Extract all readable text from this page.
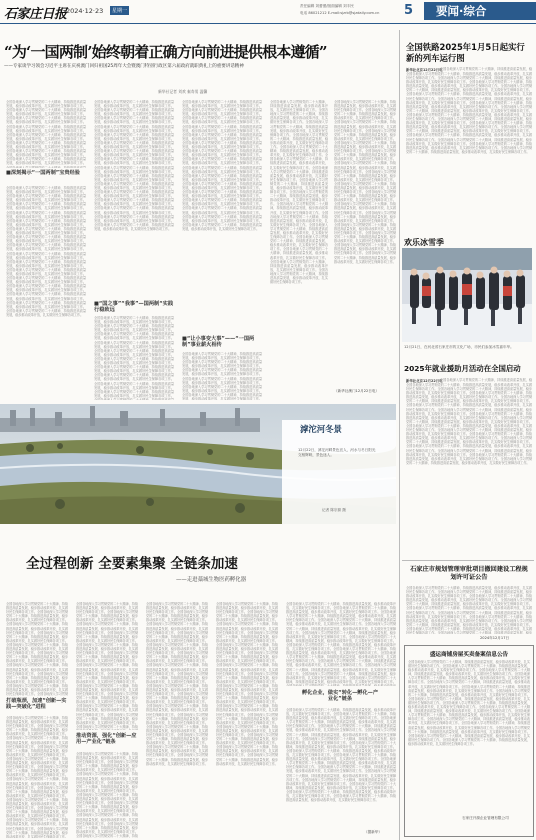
石家庄日报 2024·12·23	星期一
责任编辑 刘蕾蕾/版面编辑 刘丰民
电话 86021212 E-mail:sjzrb@sjzdaily.com.cn 5 要闻·综合
“为‘一国两制’始终朝着正确方向前进提供根本遵循”
——专家谈学习领会习近平主席在庆祝澳门回归祖国25周年大会暨澳门特别行政区第六届政府就职典礼上的重要讲话精神
新华社记者 刘欢 秦寿男 温馨
全国各地深入学习贯彻党的二十大精神，持续推进高质量发展，稳步推动改革开放，扎实做好民生保障各项工作。全国各地深入学习贯彻党的二十大精神，持续推进高质量发展，稳步推动改革开放，扎实做好民生保障各项工作。全国各地深入学习贯彻党的二十大精神，持续推进高质量发展，稳步推动改革开放，扎实做好民生保障各项工作。全国各地深入学习贯彻党的二十大精神，持续推进高质量发展，稳步推动改革开放，扎实做好民生保障各项工作。全国各地深入学习贯彻党的二十大精神，持续推进高质量发展，稳步推动改革开放，扎实做好民生保障各项工作。全国各地深入学习贯彻党的二十大精神，持续推进高质量发展，稳步推动改革开放，扎实做好民生保障各项工作。全国各地深入学习贯彻党的二十大精神，持续推进高质量发展，稳步推动改革开放，扎实做好民生保障各项工作。全国各地深入学习贯彻党的二十大精神，持续推进高质量发展，稳步推动改革开放，扎实做好民生保障各项工作。全国各地深入学习贯彻党的二十大精神，持续推进高质量发展，稳步推动改革开放，扎实做好民生保障各项工作。全国各地深入学习贯彻党的二十大精神，持续推进高质量发展，稳步推动改革开放，扎实做好民生保障各项工作。全国各地深入学习贯彻党的二十大精神，持续推进高质量发展，稳步推动改革开放，扎实做好民生保障各项工作。全国各地深入学习贯彻党的二十大精神，持续推进高质量发展，稳步推动改革开放，扎实做好民生保障各项工作。全国各地深入学习贯彻党的二十大精神，持续推进高质量发展，稳步推动改革开放，扎实做好民生保障各项工作。全国各地深入学习贯彻党的二十大精神，持续推进高质量发展，稳步推动改革开放，扎实做好民生保障各项工作。全国各地深入学习贯彻党的二十大精神，持续推进高质量发展，稳步推动改革开放，扎实做好民生保障各项工作。全国各地深入学习贯彻党的二十大精神，持续推进高质量发展，稳步推动改革开放，扎实做好民生保障各项工作。
■深刻揭示“一国两制”宝贵经验
全国各地深入学习贯彻党的二十大精神，持续推进高质量发展，稳步推动改革开放，扎实做好民生保障各项工作。全国各地深入学习贯彻党的二十大精神，持续推进高质量发展，稳步推动改革开放，扎实做好民生保障各项工作。全国各地深入学习贯彻党的二十大精神，持续推进高质量发展，稳步推动改革开放，扎实做好民生保障各项工作。全国各地深入学习贯彻党的二十大精神，持续推进高质量发展，稳步推动改革开放，扎实做好民生保障各项工作。全国各地深入学习贯彻党的二十大精神，持续推进高质量发展，稳步推动改革开放，扎实做好民生保障各项工作。全国各地深入学习贯彻党的二十大精神，持续推进高质量发展，稳步推动改革开放，扎实做好民生保障各项工作。全国各地深入学习贯彻党的二十大精神，持续推进高质量发展，稳步推动改革开放，扎实做好民生保障各项工作。全国各地深入学习贯彻党的二十大精神，持续推进高质量发展，稳步推动改革开放，扎实做好民生保障各项工作。全国各地深入学习贯彻党的二十大精神，持续推进高质量发展，稳步推动改革开放，扎实做好民生保障各项工作。全国各地深入学习贯彻党的二十大精神，持续推进高质量发展，稳步推动改革开放，扎实做好民生保障各项工作。全国各地深入学习贯彻党的二十大精神，持续推进高质量发展，稳步推动改革开放，扎实做好民生保障各项工作。全国各地深入学习贯彻党的二十大精神，持续推进高质量发展，稳步推动改革开放，扎实做好民生保障各项工作。全国各地深入学习贯彻党的二十大精神，持续推进高质量发展，稳步推动改革开放，扎实做好民生保障各项工作。全国各地深入学习贯彻党的二十大精神，持续推进高质量发展，稳步推动改革开放，扎实做好民生保障各项工作。全国各地深入学习贯彻党的二十大精神，持续推进高质量发展，稳步推动改革开放，扎实做好民生保障各项工作。全国各地深入学习贯彻党的二十大精神，持续推进高质量发展，稳步推动改革开放，扎实做好民生保障各项工作。
全国各地深入学习贯彻党的二十大精神，持续推进高质量发展，稳步推动改革开放，扎实做好民生保障各项工作。全国各地深入学习贯彻党的二十大精神，持续推进高质量发展，稳步推动改革开放，扎实做好民生保障各项工作。全国各地深入学习贯彻党的二十大精神，持续推进高质量发展，稳步推动改革开放，扎实做好民生保障各项工作。全国各地深入学习贯彻党的二十大精神，持续推进高质量发展，稳步推动改革开放，扎实做好民生保障各项工作。全国各地深入学习贯彻党的二十大精神，持续推进高质量发展，稳步推动改革开放，扎实做好民生保障各项工作。全国各地深入学习贯彻党的二十大精神，持续推进高质量发展，稳步推动改革开放，扎实做好民生保障各项工作。全国各地深入学习贯彻党的二十大精神，持续推进高质量发展，稳步推动改革开放，扎实做好民生保障各项工作。全国各地深入学习贯彻党的二十大精神，持续推进高质量发展，稳步推动改革开放，扎实做好民生保障各项工作。全国各地深入学习贯彻党的二十大精神，持续推进高质量发展，稳步推动改革开放，扎实做好民生保障各项工作。全国各地深入学习贯彻党的二十大精神，持续推进高质量发展，稳步推动改革开放，扎实做好民生保障各项工作。全国各地深入学习贯彻党的二十大精神，持续推进高质量发展，稳步推动改革开放，扎实做好民生保障各项工作。全国各地深入学习贯彻党的二十大精神，持续推进高质量发展，稳步推动改革开放，扎实做好民生保障各项工作。全国各地深入学习贯彻党的二十大精神，持续推进高质量发展，稳步推动改革开放，扎实做好民生保障各项工作。全国各地深入学习贯彻党的二十大精神，持续推进高质量发展，稳步推动改革开放，扎实做好民生保障各项工作。全国各地深入学习贯彻党的二十大精神，持续推进高质量发展，稳步推动改革开放，扎实做好民生保障各项工作。全国各地深入学习贯彻党的二十大精神，持续推进高质量发展，稳步推动改革开放，扎实做好民生保障各项工作。
■“国之事”“我事”—国两制“实践行稳致远
全国各地深入学习贯彻党的二十大精神，持续推进高质量发展，稳步推动改革开放，扎实做好民生保障各项工作。全国各地深入学习贯彻党的二十大精神，持续推进高质量发展，稳步推动改革开放，扎实做好民生保障各项工作。全国各地深入学习贯彻党的二十大精神，持续推进高质量发展，稳步推动改革开放，扎实做好民生保障各项工作。全国各地深入学习贯彻党的二十大精神，持续推进高质量发展，稳步推动改革开放，扎实做好民生保障各项工作。全国各地深入学习贯彻党的二十大精神，持续推进高质量发展，稳步推动改革开放，扎实做好民生保障各项工作。全国各地深入学习贯彻党的二十大精神，持续推进高质量发展，稳步推动改革开放，扎实做好民生保障各项工作。全国各地深入学习贯彻党的二十大精神，持续推进高质量发展，稳步推动改革开放，扎实做好民生保障各项工作。全国各地深入学习贯彻党的二十大精神，持续推进高质量发展，稳步推动改革开放，扎实做好民生保障各项工作。全国各地深入学习贯彻党的二十大精神，持续推进高质量发展，稳步推动改革开放，扎实做好民生保障各项工作。全国各地深入学习贯彻党的二十大精神，持续推进高质量发展，稳步推动改革开放，扎实做好民生保障各项工作。全国各地深入学习贯彻党的二十大精神，持续推进高质量发展，稳步推动改革开放，扎实做好民生保障各项工作。全国各地深入学习贯彻党的二十大精神，持续推进高质量发展，稳步推动改革开放，扎实做好民生保障各项工作。全国各地深入学习贯彻党的二十大精神，持续推进高质量发展，稳步推动改革开放，扎实做好民生保障各项工作。全国各地深入学习贯彻党的二十大精神，持续推进高质量发展，稳步推动改革开放，扎实做好民生保障各项工作。全国各地深入学习贯彻党的二十大精神，持续推进高质量发展，稳步推动改革开放，扎实做好民生保障各项工作。全国各地深入学习贯彻党的二十大精神，持续推进高质量发展，稳步推动改革开放，扎实做好民生保障各项工作。
全国各地深入学习贯彻党的二十大精神，持续推进高质量发展，稳步推动改革开放，扎实做好民生保障各项工作。全国各地深入学习贯彻党的二十大精神，持续推进高质量发展，稳步推动改革开放，扎实做好民生保障各项工作。全国各地深入学习贯彻党的二十大精神，持续推进高质量发展，稳步推动改革开放，扎实做好民生保障各项工作。全国各地深入学习贯彻党的二十大精神，持续推进高质量发展，稳步推动改革开放，扎实做好民生保障各项工作。全国各地深入学习贯彻党的二十大精神，持续推进高质量发展，稳步推动改革开放，扎实做好民生保障各项工作。全国各地深入学习贯彻党的二十大精神，持续推进高质量发展，稳步推动改革开放，扎实做好民生保障各项工作。全国各地深入学习贯彻党的二十大精神，持续推进高质量发展，稳步推动改革开放，扎实做好民生保障各项工作。全国各地深入学习贯彻党的二十大精神，持续推进高质量发展，稳步推动改革开放，扎实做好民生保障各项工作。全国各地深入学习贯彻党的二十大精神，持续推进高质量发展，稳步推动改革开放，扎实做好民生保障各项工作。全国各地深入学习贯彻党的二十大精神，持续推进高质量发展，稳步推动改革开放，扎实做好民生保障各项工作。全国各地深入学习贯彻党的二十大精神，持续推进高质量发展，稳步推动改革开放，扎实做好民生保障各项工作。全国各地深入学习贯彻党的二十大精神，持续推进高质量发展，稳步推动改革开放，扎实做好民生保障各项工作。全国各地深入学习贯彻党的二十大精神，持续推进高质量发展，稳步推动改革开放，扎实做好民生保障各项工作。全国各地深入学习贯彻党的二十大精神，持续推进高质量发展，稳步推动改革开放，扎实做好民生保障各项工作。全国各地深入学习贯彻党的二十大精神，持续推进高质量发展，稳步推动改革开放，扎实做好民生保障各项工作。全国各地深入学习贯彻党的二十大精神，持续推进高质量发展，稳步推动改革开放，扎实做好民生保障各项工作。
■“让小事变大事”——“一国两制”事业薪火相传
全国各地深入学习贯彻党的二十大精神，持续推进高质量发展，稳步推动改革开放，扎实做好民生保障各项工作。全国各地深入学习贯彻党的二十大精神，持续推进高质量发展，稳步推动改革开放，扎实做好民生保障各项工作。全国各地深入学习贯彻党的二十大精神，持续推进高质量发展，稳步推动改革开放，扎实做好民生保障各项工作。全国各地深入学习贯彻党的二十大精神，持续推进高质量发展，稳步推动改革开放，扎实做好民生保障各项工作。全国各地深入学习贯彻党的二十大精神，持续推进高质量发展，稳步推动改革开放，扎实做好民生保障各项工作。全国各地深入学习贯彻党的二十大精神，持续推进高质量发展，稳步推动改革开放，扎实做好民生保障各项工作。全国各地深入学习贯彻党的二十大精神，持续推进高质量发展，稳步推动改革开放，扎实做好民生保障各项工作。全国各地深入学习贯彻党的二十大精神，持续推进高质量发展，稳步推动改革开放，扎实做好民生保障各项工作。全国各地深入学习贯彻党的二十大精神，持续推进高质量发展，稳步推动改革开放，扎实做好民生保障各项工作。全国各地深入学习贯彻党的二十大精神，持续推进高质量发展，稳步推动改革开放，扎实做好民生保障各项工作。全国各地深入学习贯彻党的二十大精神，持续推进高质量发展，稳步推动改革开放，扎实做好民生保障各项工作。全国各地深入学习贯彻党的二十大精神，持续推进高质量发展，稳步推动改革开放，扎实做好民生保障各项工作。全国各地深入学习贯彻党的二十大精神，持续推进高质量发展，稳步推动改革开放，扎实做好民生保障各项工作。全国各地深入学习贯彻党的二十大精神，持续推进高质量发展，稳步推动改革开放，扎实做好民生保障各项工作。全国各地深入学习贯彻党的二十大精神，持续推进高质量发展，稳步推动改革开放，扎实做好民生保障各项工作。全国各地深入学习贯彻党的二十大精神，持续推进高质量发展，稳步推动改革开放，扎实做好民生保障各项工作。
全国各地深入学习贯彻党的二十大精神，持续推进高质量发展，稳步推动改革开放，扎实做好民生保障各项工作。全国各地深入学习贯彻党的二十大精神，持续推进高质量发展，稳步推动改革开放，扎实做好民生保障各项工作。全国各地深入学习贯彻党的二十大精神，持续推进高质量发展，稳步推动改革开放，扎实做好民生保障各项工作。全国各地深入学习贯彻党的二十大精神，持续推进高质量发展，稳步推动改革开放，扎实做好民生保障各项工作。全国各地深入学习贯彻党的二十大精神，持续推进高质量发展，稳步推动改革开放，扎实做好民生保障各项工作。全国各地深入学习贯彻党的二十大精神，持续推进高质量发展，稳步推动改革开放，扎实做好民生保障各项工作。全国各地深入学习贯彻党的二十大精神，持续推进高质量发展，稳步推动改革开放，扎实做好民生保障各项工作。全国各地深入学习贯彻党的二十大精神，持续推进高质量发展，稳步推动改革开放，扎实做好民生保障各项工作。全国各地深入学习贯彻党的二十大精神，持续推进高质量发展，稳步推动改革开放，扎实做好民生保障各项工作。全国各地深入学习贯彻党的二十大精神，持续推进高质量发展，稳步推动改革开放，扎实做好民生保障各项工作。全国各地深入学习贯彻党的二十大精神，持续推进高质量发展，稳步推动改革开放，扎实做好民生保障各项工作。全国各地深入学习贯彻党的二十大精神，持续推进高质量发展，稳步推动改革开放，扎实做好民生保障各项工作。全国各地深入学习贯彻党的二十大精神，持续推进高质量发展，稳步推动改革开放，扎实做好民生保障各项工作。全国各地深入学习贯彻党的二十大精神，持续推进高质量发展，稳步推动改革开放，扎实做好民生保障各项工作。全国各地深入学习贯彻党的二十大精神，持续推进高质量发展，稳步推动改革开放，扎实做好民生保障各项工作。全国各地深入学习贯彻党的二十大精神，持续推进高质量发展，稳步推动改革开放，扎实做好民生保障各项工作。
全国各地深入学习贯彻党的二十大精神，持续推进高质量发展，稳步推动改革开放，扎实做好民生保障各项工作。全国各地深入学习贯彻党的二十大精神，持续推进高质量发展，稳步推动改革开放，扎实做好民生保障各项工作。全国各地深入学习贯彻党的二十大精神，持续推进高质量发展，稳步推动改革开放，扎实做好民生保障各项工作。全国各地深入学习贯彻党的二十大精神，持续推进高质量发展，稳步推动改革开放，扎实做好民生保障各项工作。全国各地深入学习贯彻党的二十大精神，持续推进高质量发展，稳步推动改革开放，扎实做好民生保障各项工作。全国各地深入学习贯彻党的二十大精神，持续推进高质量发展，稳步推动改革开放，扎实做好民生保障各项工作。全国各地深入学习贯彻党的二十大精神，持续推进高质量发展，稳步推动改革开放，扎实做好民生保障各项工作。全国各地深入学习贯彻党的二十大精神，持续推进高质量发展，稳步推动改革开放，扎实做好民生保障各项工作。全国各地深入学习贯彻党的二十大精神，持续推进高质量发展，稳步推动改革开放，扎实做好民生保障各项工作。全国各地深入学习贯彻党的二十大精神，持续推进高质量发展，稳步推动改革开放，扎实做好民生保障各项工作。全国各地深入学习贯彻党的二十大精神，持续推进高质量发展，稳步推动改革开放，扎实做好民生保障各项工作。全国各地深入学习贯彻党的二十大精神，持续推进高质量发展，稳步推动改革开放，扎实做好民生保障各项工作。全国各地深入学习贯彻党的二十大精神，持续推进高质量发展，稳步推动改革开放，扎实做好民生保障各项工作。全国各地深入学习贯彻党的二十大精神，持续推进高质量发展，稳步推动改革开放，扎实做好民生保障各项工作。全国各地深入学习贯彻党的二十大精神，持续推进高质量发展，稳步推动改革开放，扎实做好民生保障各项工作。全国各地深入学习贯彻党的二十大精神，持续推进高质量发展，稳步推动改革开放，扎实做好民生保障各项工作。
（新华社澳门12月22日电）
全国铁路2025年1月5日起实行新的列车运行图
新华社北京12月22日电
全国各地深入学习贯彻党的二十大精神，持续推进高质量发展，稳步推动改革开放，扎实做好民生保障各项工作。全国各地深入学习贯彻党的二十大精神，持续推进高质量发展，稳步推动改革开放，扎实做好民生保障各项工作。全国各地深入学习贯彻党的二十大精神，持续推进高质量发展，稳步推动改革开放，扎实做好民生保障各项工作。全国各地深入学习贯彻党的二十大精神，持续推进高质量发展，稳步推动改革开放，扎实做好民生保障各项工作。全国各地深入学习贯彻党的二十大精神，持续推进高质量发展，稳步推动改革开放，扎实做好民生保障各项工作。全国各地深入学习贯彻党的二十大精神，持续推进高质量发展，稳步推动改革开放，扎实做好民生保障各项工作。全国各地深入学习贯彻党的二十大精神，持续推进高质量发展，稳步推动改革开放，扎实做好民生保障各项工作。全国各地深入学习贯彻党的二十大精神，持续推进高质量发展，稳步推动改革开放，扎实做好民生保障各项工作。全国各地深入学习贯彻党的二十大精神，持续推进高质量发展，稳步推动改革开放，扎实做好民生保障各项工作。全国各地深入学习贯彻党的二十大精神，持续推进高质量发展，稳步推动改革开放，扎实做好民生保障各项工作。全国各地深入学习贯彻党的二十大精神，持续推进高质量发展，稳步推动改革开放，扎实做好民生保障各项工作。全国各地深入学习贯彻党的二十大精神，持续推进高质量发展，稳步推动改革开放，扎实做好民生保障各项工作。全国各地深入学习贯彻党的二十大精神，持续推进高质量发展，稳步推动改革开放，扎实做好民生保障各项工作。全国各地深入学习贯彻党的二十大精神，持续推进高质量发展，稳步推动改革开放，扎实做好民生保障各项工作。全国各地深入学习贯彻党的二十大精神，持续推进高质量发展，稳步推动改革开放，扎实做好民生保障各项工作。全国各地深入学习贯彻党的二十大精神，持续推进高质量发展，稳步推动改革开放，扎实做好民生保障各项工作。
全国各地深入学习贯彻党的二十大精神，持续推进高质量发展，稳步推动改革开放，扎实做好民生保障各项工作。全国各地深入学习贯彻党的二十大精神，持续推进高质量发展，稳步推动改革开放，扎实做好民生保障各项工作。全国各地深入学习贯彻党的二十大精神，持续推进高质量发展，稳步推动改革开放，扎实做好民生保障各项工作。全国各地深入学习贯彻党的二十大精神，持续推进高质量发展，稳步推动改革开放，扎实做好民生保障各项工作。全国各地深入学习贯彻党的二十大精神，持续推进高质量发展，稳步推动改革开放，扎实做好民生保障各项工作。全国各地深入学习贯彻党的二十大精神，持续推进高质量发展，稳步推动改革开放，扎实做好民生保障各项工作。全国各地深入学习贯彻党的二十大精神，持续推进高质量发展，稳步推动改革开放，扎实做好民生保障各项工作。全国各地深入学习贯彻党的二十大精神，持续推进高质量发展，稳步推动改革开放，扎实做好民生保障各项工作。全国各地深入学习贯彻党的二十大精神，持续推进高质量发展，稳步推动改革开放，扎实做好民生保障各项工作。全国各地深入学习贯彻党的二十大精神，持续推进高质量发展，稳步推动改革开放，扎实做好民生保障各项工作。全国各地深入学习贯彻党的二十大精神，持续推进高质量发展，稳步推动改革开放，扎实做好民生保障各项工作。全国各地深入学习贯彻党的二十大精神，持续推进高质量发展，稳步推动改革开放，扎实做好民生保障各项工作。全国各地深入学习贯彻党的二十大精神，持续推进高质量发展，稳步推动改革开放，扎实做好民生保障各项工作。全国各地深入学习贯彻党的二十大精神，持续推进高质量发展，稳步推动改革开放，扎实做好民生保障各项工作。全国各地深入学习贯彻党的二十大精神，持续推进高质量发展，稳步推动改革开放，扎实做好民生保障各项工作。全国各地深入学习贯彻党的二十大精神，持续推进高质量发展，稳步推动改革开放，扎实做好民生保障各项工作。
欢乐冰雪季
12月21日，在河北省石家庄市的文化广场，市民们参加冰雪嘉年华。
2025年就业援助月活动在全国启动
新华社北京12月22日电
全国各地深入学习贯彻党的二十大精神，持续推进高质量发展，稳步推动改革开放，扎实做好民生保障各项工作。全国各地深入学习贯彻党的二十大精神，持续推进高质量发展，稳步推动改革开放，扎实做好民生保障各项工作。全国各地深入学习贯彻党的二十大精神，持续推进高质量发展，稳步推动改革开放，扎实做好民生保障各项工作。全国各地深入学习贯彻党的二十大精神，持续推进高质量发展，稳步推动改革开放，扎实做好民生保障各项工作。全国各地深入学习贯彻党的二十大精神，持续推进高质量发展，稳步推动改革开放，扎实做好民生保障各项工作。全国各地深入学习贯彻党的二十大精神，持续推进高质量发展，稳步推动改革开放，扎实做好民生保障各项工作。全国各地深入学习贯彻党的二十大精神，持续推进高质量发展，稳步推动改革开放，扎实做好民生保障各项工作。全国各地深入学习贯彻党的二十大精神，持续推进高质量发展，稳步推动改革开放，扎实做好民生保障各项工作。全国各地深入学习贯彻党的二十大精神，持续推进高质量发展，稳步推动改革开放，扎实做好民生保障各项工作。全国各地深入学习贯彻党的二十大精神，持续推进高质量发展，稳步推动改革开放，扎实做好民生保障各项工作。全国各地深入学习贯彻党的二十大精神，持续推进高质量发展，稳步推动改革开放，扎实做好民生保障各项工作。全国各地深入学习贯彻党的二十大精神，持续推进高质量发展，稳步推动改革开放，扎实做好民生保障各项工作。全国各地深入学习贯彻党的二十大精神，持续推进高质量发展，稳步推动改革开放，扎实做好民生保障各项工作。全国各地深入学习贯彻党的二十大精神，持续推进高质量发展，稳步推动改革开放，扎实做好民生保障各项工作。全国各地深入学习贯彻党的二十大精神，持续推进高质量发展，稳步推动改革开放，扎实做好民生保障各项工作。全国各地深入学习贯彻党的二十大精神，持续推进高质量发展，稳步推动改革开放，扎实做好民生保障各项工作。
全国各地深入学习贯彻党的二十大精神，持续推进高质量发展，稳步推动改革开放，扎实做好民生保障各项工作。全国各地深入学习贯彻党的二十大精神，持续推进高质量发展，稳步推动改革开放，扎实做好民生保障各项工作。全国各地深入学习贯彻党的二十大精神，持续推进高质量发展，稳步推动改革开放，扎实做好民生保障各项工作。全国各地深入学习贯彻党的二十大精神，持续推进高质量发展，稳步推动改革开放，扎实做好民生保障各项工作。全国各地深入学习贯彻党的二十大精神，持续推进高质量发展，稳步推动改革开放，扎实做好民生保障各项工作。全国各地深入学习贯彻党的二十大精神，持续推进高质量发展，稳步推动改革开放，扎实做好民生保障各项工作。全国各地深入学习贯彻党的二十大精神，持续推进高质量发展，稳步推动改革开放，扎实做好民生保障各项工作。全国各地深入学习贯彻党的二十大精神，持续推进高质量发展，稳步推动改革开放，扎实做好民生保障各项工作。全国各地深入学习贯彻党的二十大精神，持续推进高质量发展，稳步推动改革开放，扎实做好民生保障各项工作。全国各地深入学习贯彻党的二十大精神，持续推进高质量发展，稳步推动改革开放，扎实做好民生保障各项工作。全国各地深入学习贯彻党的二十大精神，持续推进高质量发展，稳步推动改革开放，扎实做好民生保障各项工作。全国各地深入学习贯彻党的二十大精神，持续推进高质量发展，稳步推动改革开放，扎实做好民生保障各项工作。全国各地深入学习贯彻党的二十大精神，持续推进高质量发展，稳步推动改革开放，扎实做好民生保障各项工作。全国各地深入学习贯彻党的二十大精神，持续推进高质量发展，稳步推动改革开放，扎实做好民生保障各项工作。全国各地深入学习贯彻党的二十大精神，持续推进高质量发展，稳步推动改革开放，扎实做好民生保障各项工作。全国各地深入学习贯彻党的二十大精神，持续推进高质量发展，稳步推动改革开放，扎实做好民生保障各项工作。
石家庄市规划管理审批项目撤回建设工程规划许可证公告
全国各地深入学习贯彻党的二十大精神，持续推进高质量发展，稳步推动改革开放，扎实做好民生保障各项工作。全国各地深入学习贯彻党的二十大精神，持续推进高质量发展，稳步推动改革开放，扎实做好民生保障各项工作。全国各地深入学习贯彻党的二十大精神，持续推进高质量发展，稳步推动改革开放，扎实做好民生保障各项工作。全国各地深入学习贯彻党的二十大精神，持续推进高质量发展，稳步推动改革开放，扎实做好民生保障各项工作。全国各地深入学习贯彻党的二十大精神，持续推进高质量发展，稳步推动改革开放，扎实做好民生保障各项工作。全国各地深入学习贯彻党的二十大精神，持续推进高质量发展，稳步推动改革开放，扎实做好民生保障各项工作。全国各地深入学习贯彻党的二十大精神，持续推进高质量发展，稳步推动改革开放，扎实做好民生保障各项工作。全国各地深入学习贯彻党的二十大精神，持续推进高质量发展，稳步推动改革开放，扎实做好民生保障各项工作。全国各地深入学习贯彻党的二十大精神，持续推进高质量发展，稳步推动改革开放，扎实做好民生保障各项工作。全国各地深入学习贯彻党的二十大精神，持续推进高质量发展，稳步推动改革开放，扎实做好民生保障各项工作。全国各地深入学习贯彻党的二十大精神，持续推进高质量发展，稳步推动改革开放，扎实做好民生保障各项工作。全国各地深入学习贯彻党的二十大精神，持续推进高质量发展，稳步推动改革开放，扎实做好民生保障各项工作。全国各地深入学习贯彻党的二十大精神，持续推进高质量发展，稳步推动改革开放，扎实做好民生保障各项工作。全国各地深入学习贯彻党的二十大精神，持续推进高质量发展，稳步推动改革开放，扎实做好民生保障各项工作。全国各地深入学习贯彻党的二十大精神，持续推进高质量发展，稳步推动改革开放，扎实做好民生保障各项工作。全国各地深入学习贯彻党的二十大精神，持续推进高质量发展，稳步推动改革开放，扎实做好民生保障各项工作。
2024年12月17日
盛运商铺房屋买卖备案信息公告
全国各地深入学习贯彻党的二十大精神，持续推进高质量发展，稳步推动改革开放，扎实做好民生保障各项工作。全国各地深入学习贯彻党的二十大精神，持续推进高质量发展，稳步推动改革开放，扎实做好民生保障各项工作。全国各地深入学习贯彻党的二十大精神，持续推进高质量发展，稳步推动改革开放，扎实做好民生保障各项工作。全国各地深入学习贯彻党的二十大精神，持续推进高质量发展，稳步推动改革开放，扎实做好民生保障各项工作。全国各地深入学习贯彻党的二十大精神，持续推进高质量发展，稳步推动改革开放，扎实做好民生保障各项工作。全国各地深入学习贯彻党的二十大精神，持续推进高质量发展，稳步推动改革开放，扎实做好民生保障各项工作。全国各地深入学习贯彻党的二十大精神，持续推进高质量发展，稳步推动改革开放，扎实做好民生保障各项工作。全国各地深入学习贯彻党的二十大精神，持续推进高质量发展，稳步推动改革开放，扎实做好民生保障各项工作。全国各地深入学习贯彻党的二十大精神，持续推进高质量发展，稳步推动改革开放，扎实做好民生保障各项工作。全国各地深入学习贯彻党的二十大精神，持续推进高质量发展，稳步推动改革开放，扎实做好民生保障各项工作。全国各地深入学习贯彻党的二十大精神，持续推进高质量发展，稳步推动改革开放，扎实做好民生保障各项工作。全国各地深入学习贯彻党的二十大精神，持续推进高质量发展，稳步推动改革开放，扎实做好民生保障各项工作。全国各地深入学习贯彻党的二十大精神，持续推进高质量发展，稳步推动改革开放，扎实做好民生保障各项工作。全国各地深入学习贯彻党的二十大精神，持续推进高质量发展，稳步推动改革开放，扎实做好民生保障各项工作。全国各地深入学习贯彻党的二十大精神，持续推进高质量发展，稳步推动改革开放，扎实做好民生保障各项工作。全国各地深入学习贯彻党的二十大精神，持续推进高质量发展，稳步推动改革开放，扎实做好民生保障各项工作。
石家庄开源企业管理有限公司
滹沱河冬景
12月22日，滹沱河畔景色宜人，河水与冬日阳光交相辉映，景色迷人。
记者 陈宗源 摄
全过程创新 全要素集聚 全链条加速
——走进藁城生物医药孵化器
全国各地深入学习贯彻党的二十大精神，持续推进高质量发展，稳步推动改革开放，扎实做好民生保障各项工作。全国各地深入学习贯彻党的二十大精神，持续推进高质量发展，稳步推动改革开放，扎实做好民生保障各项工作。全国各地深入学习贯彻党的二十大精神，持续推进高质量发展，稳步推动改革开放，扎实做好民生保障各项工作。全国各地深入学习贯彻党的二十大精神，持续推进高质量发展，稳步推动改革开放，扎实做好民生保障各项工作。全国各地深入学习贯彻党的二十大精神，持续推进高质量发展，稳步推动改革开放，扎实做好民生保障各项工作。全国各地深入学习贯彻党的二十大精神，持续推进高质量发展，稳步推动改革开放，扎实做好民生保障各项工作。全国各地深入学习贯彻党的二十大精神，持续推进高质量发展，稳步推动改革开放，扎实做好民生保障各项工作。全国各地深入学习贯彻党的二十大精神，持续推进高质量发展，稳步推动改革开放，扎实做好民生保障各项工作。全国各地深入学习贯彻党的二十大精神，持续推进高质量发展，稳步推动改革开放，扎实做好民生保障各项工作。全国各地深入学习贯彻党的二十大精神，持续推进高质量发展，稳步推动改革开放，扎实做好民生保障各项工作。全国各地深入学习贯彻党的二十大精神，持续推进高质量发展，稳步推动改革开放，扎实做好民生保障各项工作。全国各地深入学习贯彻党的二十大精神，持续推进高质量发展，稳步推动改革开放，扎实做好民生保障各项工作。全国各地深入学习贯彻党的二十大精神，持续推进高质量发展，稳步推动改革开放，扎实做好民生保障各项工作。全国各地深入学习贯彻党的二十大精神，持续推进高质量发展，稳步推动改革开放，扎实做好民生保障各项工作。全国各地深入学习贯彻党的二十大精神，持续推进高质量发展，稳步推动改革开放，扎实做好民生保障各项工作。全国各地深入学习贯彻党的二十大精神，持续推进高质量发展，稳步推动改革开放，扎实做好民生保障各项工作。
打破瓶颈，加速“创新—实践—突破化”进程
全国各地深入学习贯彻党的二十大精神，持续推进高质量发展，稳步推动改革开放，扎实做好民生保障各项工作。全国各地深入学习贯彻党的二十大精神，持续推进高质量发展，稳步推动改革开放，扎实做好民生保障各项工作。全国各地深入学习贯彻党的二十大精神，持续推进高质量发展，稳步推动改革开放，扎实做好民生保障各项工作。全国各地深入学习贯彻党的二十大精神，持续推进高质量发展，稳步推动改革开放，扎实做好民生保障各项工作。全国各地深入学习贯彻党的二十大精神，持续推进高质量发展，稳步推动改革开放，扎实做好民生保障各项工作。全国各地深入学习贯彻党的二十大精神，持续推进高质量发展，稳步推动改革开放，扎实做好民生保障各项工作。全国各地深入学习贯彻党的二十大精神，持续推进高质量发展，稳步推动改革开放，扎实做好民生保障各项工作。全国各地深入学习贯彻党的二十大精神，持续推进高质量发展，稳步推动改革开放，扎实做好民生保障各项工作。全国各地深入学习贯彻党的二十大精神，持续推进高质量发展，稳步推动改革开放，扎实做好民生保障各项工作。全国各地深入学习贯彻党的二十大精神，持续推进高质量发展，稳步推动改革开放，扎实做好民生保障各项工作。全国各地深入学习贯彻党的二十大精神，持续推进高质量发展，稳步推动改革开放，扎实做好民生保障各项工作。全国各地深入学习贯彻党的二十大精神，持续推进高质量发展，稳步推动改革开放，扎实做好民生保障各项工作。全国各地深入学习贯彻党的二十大精神，持续推进高质量发展，稳步推动改革开放，扎实做好民生保障各项工作。全国各地深入学习贯彻党的二十大精神，持续推进高质量发展，稳步推动改革开放，扎实做好民生保障各项工作。全国各地深入学习贯彻党的二十大精神，持续推进高质量发展，稳步推动改革开放，扎实做好民生保障各项工作。全国各地深入学习贯彻党的二十大精神，持续推进高质量发展，稳步推动改革开放，扎实做好民生保障各项工作。
全国各地深入学习贯彻党的二十大精神，持续推进高质量发展，稳步推动改革开放，扎实做好民生保障各项工作。全国各地深入学习贯彻党的二十大精神，持续推进高质量发展，稳步推动改革开放，扎实做好民生保障各项工作。全国各地深入学习贯彻党的二十大精神，持续推进高质量发展，稳步推动改革开放，扎实做好民生保障各项工作。全国各地深入学习贯彻党的二十大精神，持续推进高质量发展，稳步推动改革开放，扎实做好民生保障各项工作。全国各地深入学习贯彻党的二十大精神，持续推进高质量发展，稳步推动改革开放，扎实做好民生保障各项工作。全国各地深入学习贯彻党的二十大精神，持续推进高质量发展，稳步推动改革开放，扎实做好民生保障各项工作。全国各地深入学习贯彻党的二十大精神，持续推进高质量发展，稳步推动改革开放，扎实做好民生保障各项工作。全国各地深入学习贯彻党的二十大精神，持续推进高质量发展，稳步推动改革开放，扎实做好民生保障各项工作。全国各地深入学习贯彻党的二十大精神，持续推进高质量发展，稳步推动改革开放，扎实做好民生保障各项工作。全国各地深入学习贯彻党的二十大精神，持续推进高质量发展，稳步推动改革开放，扎实做好民生保障各项工作。全国各地深入学习贯彻党的二十大精神，持续推进高质量发展，稳步推动改革开放，扎实做好民生保障各项工作。全国各地深入学习贯彻党的二十大精神，持续推进高质量发展，稳步推动改革开放，扎实做好民生保障各项工作。全国各地深入学习贯彻党的二十大精神，持续推进高质量发展，稳步推动改革开放，扎实做好民生保障各项工作。全国各地深入学习贯彻党的二十大精神，持续推进高质量发展，稳步推动改革开放，扎实做好民生保障各项工作。全国各地深入学习贯彻党的二十大精神，持续推进高质量发展，稳步推动改革开放，扎实做好民生保障各项工作。全国各地深入学习贯彻党的二十大精神，持续推进高质量发展，稳步推动改革开放，扎实做好民生保障各项工作。
推动资源，强化“创新—应用—产业化”链条
全国各地深入学习贯彻党的二十大精神，持续推进高质量发展，稳步推动改革开放，扎实做好民生保障各项工作。全国各地深入学习贯彻党的二十大精神，持续推进高质量发展，稳步推动改革开放，扎实做好民生保障各项工作。全国各地深入学习贯彻党的二十大精神，持续推进高质量发展，稳步推动改革开放，扎实做好民生保障各项工作。全国各地深入学习贯彻党的二十大精神，持续推进高质量发展，稳步推动改革开放，扎实做好民生保障各项工作。全国各地深入学习贯彻党的二十大精神，持续推进高质量发展，稳步推动改革开放，扎实做好民生保障各项工作。全国各地深入学习贯彻党的二十大精神，持续推进高质量发展，稳步推动改革开放，扎实做好民生保障各项工作。全国各地深入学习贯彻党的二十大精神，持续推进高质量发展，稳步推动改革开放，扎实做好民生保障各项工作。全国各地深入学习贯彻党的二十大精神，持续推进高质量发展，稳步推动改革开放，扎实做好民生保障各项工作。全国各地深入学习贯彻党的二十大精神，持续推进高质量发展，稳步推动改革开放，扎实做好民生保障各项工作。全国各地深入学习贯彻党的二十大精神，持续推进高质量发展，稳步推动改革开放，扎实做好民生保障各项工作。全国各地深入学习贯彻党的二十大精神，持续推进高质量发展，稳步推动改革开放，扎实做好民生保障各项工作。全国各地深入学习贯彻党的二十大精神，持续推进高质量发展，稳步推动改革开放，扎实做好民生保障各项工作。全国各地深入学习贯彻党的二十大精神，持续推进高质量发展，稳步推动改革开放，扎实做好民生保障各项工作。全国各地深入学习贯彻党的二十大精神，持续推进高质量发展，稳步推动改革开放，扎实做好民生保障各项工作。全国各地深入学习贯彻党的二十大精神，持续推进高质量发展，稳步推动改革开放，扎实做好民生保障各项工作。全国各地深入学习贯彻党的二十大精神，持续推进高质量发展，稳步推动改革开放，扎实做好民生保障各项工作。
全国各地深入学习贯彻党的二十大精神，持续推进高质量发展，稳步推动改革开放，扎实做好民生保障各项工作。全国各地深入学习贯彻党的二十大精神，持续推进高质量发展，稳步推动改革开放，扎实做好民生保障各项工作。全国各地深入学习贯彻党的二十大精神，持续推进高质量发展，稳步推动改革开放，扎实做好民生保障各项工作。全国各地深入学习贯彻党的二十大精神，持续推进高质量发展，稳步推动改革开放，扎实做好民生保障各项工作。全国各地深入学习贯彻党的二十大精神，持续推进高质量发展，稳步推动改革开放，扎实做好民生保障各项工作。全国各地深入学习贯彻党的二十大精神，持续推进高质量发展，稳步推动改革开放，扎实做好民生保障各项工作。全国各地深入学习贯彻党的二十大精神，持续推进高质量发展，稳步推动改革开放，扎实做好民生保障各项工作。全国各地深入学习贯彻党的二十大精神，持续推进高质量发展，稳步推动改革开放，扎实做好民生保障各项工作。全国各地深入学习贯彻党的二十大精神，持续推进高质量发展，稳步推动改革开放，扎实做好民生保障各项工作。全国各地深入学习贯彻党的二十大精神，持续推进高质量发展，稳步推动改革开放，扎实做好民生保障各项工作。全国各地深入学习贯彻党的二十大精神，持续推进高质量发展，稳步推动改革开放，扎实做好民生保障各项工作。全国各地深入学习贯彻党的二十大精神，持续推进高质量发展，稳步推动改革开放，扎实做好民生保障各项工作。全国各地深入学习贯彻党的二十大精神，持续推进高质量发展，稳步推动改革开放，扎实做好民生保障各项工作。全国各地深入学习贯彻党的二十大精神，持续推进高质量发展，稳步推动改革开放，扎实做好民生保障各项工作。全国各地深入学习贯彻党的二十大精神，持续推进高质量发展，稳步推动改革开放，扎实做好民生保障各项工作。全国各地深入学习贯彻党的二十大精神，持续推进高质量发展，稳步推动改革开放，扎实做好民生保障各项工作。
全国各地深入学习贯彻党的二十大精神，持续推进高质量发展，稳步推动改革开放，扎实做好民生保障各项工作。全国各地深入学习贯彻党的二十大精神，持续推进高质量发展，稳步推动改革开放，扎实做好民生保障各项工作。全国各地深入学习贯彻党的二十大精神，持续推进高质量发展，稳步推动改革开放，扎实做好民生保障各项工作。全国各地深入学习贯彻党的二十大精神，持续推进高质量发展，稳步推动改革开放，扎实做好民生保障各项工作。全国各地深入学习贯彻党的二十大精神，持续推进高质量发展，稳步推动改革开放，扎实做好民生保障各项工作。全国各地深入学习贯彻党的二十大精神，持续推进高质量发展，稳步推动改革开放，扎实做好民生保障各项工作。全国各地深入学习贯彻党的二十大精神，持续推进高质量发展，稳步推动改革开放，扎实做好民生保障各项工作。全国各地深入学习贯彻党的二十大精神，持续推进高质量发展，稳步推动改革开放，扎实做好民生保障各项工作。全国各地深入学习贯彻党的二十大精神，持续推进高质量发展，稳步推动改革开放，扎实做好民生保障各项工作。全国各地深入学习贯彻党的二十大精神，持续推进高质量发展，稳步推动改革开放，扎实做好民生保障各项工作。全国各地深入学习贯彻党的二十大精神，持续推进高质量发展，稳步推动改革开放，扎实做好民生保障各项工作。全国各地深入学习贯彻党的二十大精神，持续推进高质量发展，稳步推动改革开放，扎实做好民生保障各项工作。全国各地深入学习贯彻党的二十大精神，持续推进高质量发展，稳步推动改革开放，扎实做好民生保障各项工作。全国各地深入学习贯彻党的二十大精神，持续推进高质量发展，稳步推动改革开放，扎实做好民生保障各项工作。全国各地深入学习贯彻党的二十大精神，持续推进高质量发展，稳步推动改革开放，扎实做好民生保障各项工作。全国各地深入学习贯彻党的二十大精神，持续推进高质量发展，稳步推动改革开放，扎实做好民生保障各项工作。
全国各地深入学习贯彻党的二十大精神，持续推进高质量发展，稳步推动改革开放，扎实做好民生保障各项工作。全国各地深入学习贯彻党的二十大精神，持续推进高质量发展，稳步推动改革开放，扎实做好民生保障各项工作。全国各地深入学习贯彻党的二十大精神，持续推进高质量发展，稳步推动改革开放，扎实做好民生保障各项工作。全国各地深入学习贯彻党的二十大精神，持续推进高质量发展，稳步推动改革开放，扎实做好民生保障各项工作。全国各地深入学习贯彻党的二十大精神，持续推进高质量发展，稳步推动改革开放，扎实做好民生保障各项工作。全国各地深入学习贯彻党的二十大精神，持续推进高质量发展，稳步推动改革开放，扎实做好民生保障各项工作。全国各地深入学习贯彻党的二十大精神，持续推进高质量发展，稳步推动改革开放，扎实做好民生保障各项工作。全国各地深入学习贯彻党的二十大精神，持续推进高质量发展，稳步推动改革开放，扎实做好民生保障各项工作。全国各地深入学习贯彻党的二十大精神，持续推进高质量发展，稳步推动改革开放，扎实做好民生保障各项工作。全国各地深入学习贯彻党的二十大精神，持续推进高质量发展，稳步推动改革开放，扎实做好民生保障各项工作。全国各地深入学习贯彻党的二十大精神，持续推进高质量发展，稳步推动改革开放，扎实做好民生保障各项工作。全国各地深入学习贯彻党的二十大精神，持续推进高质量发展，稳步推动改革开放，扎实做好民生保障各项工作。全国各地深入学习贯彻党的二十大精神，持续推进高质量发展，稳步推动改革开放，扎实做好民生保障各项工作。全国各地深入学习贯彻党的二十大精神，持续推进高质量发展，稳步推动改革开放，扎实做好民生保障各项工作。全国各地深入学习贯彻党的二十大精神，持续推进高质量发展，稳步推动改革开放，扎实做好民生保障各项工作。全国各地深入学习贯彻党的二十大精神，持续推进高质量发展，稳步推动改革开放，扎实做好民生保障各项工作。
孵化企业，做实“转化—孵化—产业化”链条
全国各地深入学习贯彻党的二十大精神，持续推进高质量发展，稳步推动改革开放，扎实做好民生保障各项工作。全国各地深入学习贯彻党的二十大精神，持续推进高质量发展，稳步推动改革开放，扎实做好民生保障各项工作。全国各地深入学习贯彻党的二十大精神，持续推进高质量发展，稳步推动改革开放，扎实做好民生保障各项工作。全国各地深入学习贯彻党的二十大精神，持续推进高质量发展，稳步推动改革开放，扎实做好民生保障各项工作。全国各地深入学习贯彻党的二十大精神，持续推进高质量发展，稳步推动改革开放，扎实做好民生保障各项工作。全国各地深入学习贯彻党的二十大精神，持续推进高质量发展，稳步推动改革开放，扎实做好民生保障各项工作。全国各地深入学习贯彻党的二十大精神，持续推进高质量发展，稳步推动改革开放，扎实做好民生保障各项工作。全国各地深入学习贯彻党的二十大精神，持续推进高质量发展，稳步推动改革开放，扎实做好民生保障各项工作。全国各地深入学习贯彻党的二十大精神，持续推进高质量发展，稳步推动改革开放，扎实做好民生保障各项工作。全国各地深入学习贯彻党的二十大精神，持续推进高质量发展，稳步推动改革开放，扎实做好民生保障各项工作。全国各地深入学习贯彻党的二十大精神，持续推进高质量发展，稳步推动改革开放，扎实做好民生保障各项工作。全国各地深入学习贯彻党的二十大精神，持续推进高质量发展，稳步推动改革开放，扎实做好民生保障各项工作。全国各地深入学习贯彻党的二十大精神，持续推进高质量发展，稳步推动改革开放，扎实做好民生保障各项工作。全国各地深入学习贯彻党的二十大精神，持续推进高质量发展，稳步推动改革开放，扎实做好民生保障各项工作。全国各地深入学习贯彻党的二十大精神，持续推进高质量发展，稳步推动改革开放，扎实做好民生保障各项工作。全国各地深入学习贯彻党的二十大精神，持续推进高质量发展，稳步推动改革开放，扎实做好民生保障各项工作。
（据新华）
